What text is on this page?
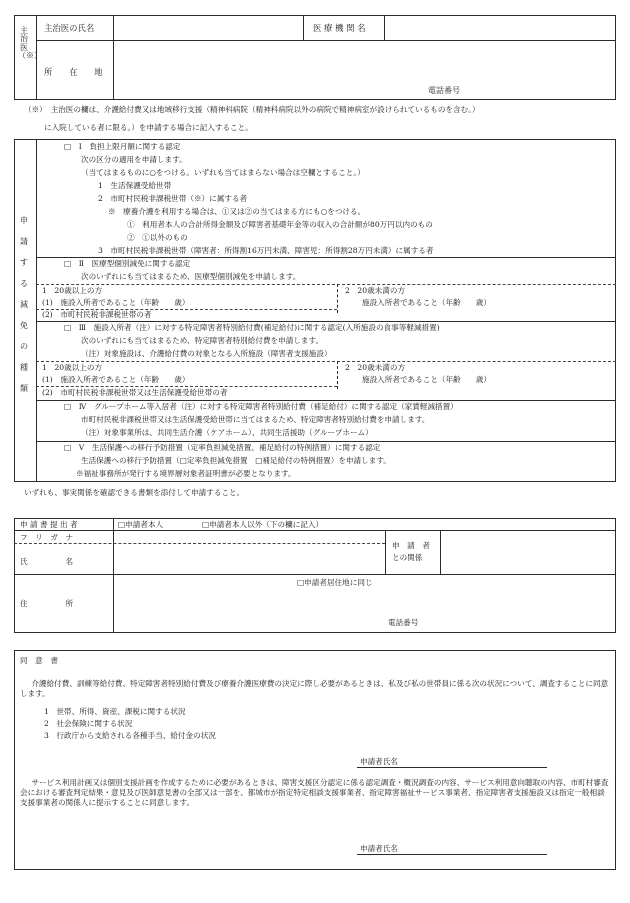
主治医（※）
主治医の氏名	医 療 機 関 名
所　　在　　地
電話番号
（※）　主治医の欄は、介護給付費又は地域移行支援（精神科病院（精神科病院以外の病院で精神病室が設けられているものを含む。）
に入院している者に限る。）を申請する場合に記入すること。
申請する減免の種類
□　Ⅰ　負担上限月額に関する認定
次の区分の適用を申請します。
（当てはまるものに○をつける。いずれも当てはまらない場合は空欄とすること。）
1　生活保護受給世帯
2　市町村民税非課税世帯（※）に属する者
※　療養介護を利用する場合は、①又は②の当てはまる方にも○をつける。
①　利用者本人の合計所得金額及び障害者基礎年金等の収入の合計額が80万円以内のもの
②　①以外のもの
3　市町村民税非課税世帯（障害者：所得割16万円未満、障害児：所得割28万円未満）に属する者
□　Ⅱ　医療型個別減免に関する認定
次のいずれにも当てはまるため、医療型個別減免を申請します。
1　20歳以上の方
(1)　施設入所者であること（年齢　　歳）
2　20歳未満の方
施設入所者であること（年齢　　歳）
(2)　市町村民税非課税世帯の者
□　Ⅲ　施設入所者（注）に対する特定障害者特別給付費(補足給付)に関する認定(入所施設の食事等軽減措置)
次のいずれにも当てはまるため、特定障害者特別給付費を申請します。
（注）対象施設は、介護給付費の対象となる入所施設（障害者支援施設）
1　20歳以上の方
(1)　施設入所者であること（年齢　　歳）
2　20歳未満の方
施設入所者であること（年齢　　歳）
(2)　市町村民税非課税世帯又は生活保護受給世帯の者
□　Ⅳ　グループホーム等入居者（注）に対する特定障害者特別給付費（補足給付）に関する認定（家賃軽減措置）
市町村民税非課税世帯又は生活保護受給世帯に当てはまるため、特定障害者特別給付費を申請します。
（注）対象事業所は、共同生活介護（ケアホーム）、共同生活援助（グループホーム）
□　Ⅴ　生活保護への移行予防措置（定率負担減免措置、補足給付の特例措置）に関する認定
生活保護への移行予防措置（□定率負担減免措置　□補足給付の特例措置）を申請します。
※福祉事務所が発行する境界層対象者証明書が必要となります。
いずれも、事実関係を確認できる書類を添付して申請すること。
申 請 書 提 出 者	□申請者本人	□申請者本人以外（下の欄に記入）
フ　リ　ガ　ナ
氏　　　　　名
申　請　者
との関係
住　　　　　所
□申請者居住地に同じ
電話番号
同　意　書
介護給付費、訓練等給付費、特定障害者特別給付費及び療養介護医療費の決定に際し必要があるときは、私及び私の世帯員に係る次の状況について、調査することに同意します。
1　世帯、所得、資産、課税に関する状況
2　社会保険に関する状況
3　行政庁から支給される各種手当、給付金の状況
申請者氏名
サービス利用計画又は個別支援計画を作成するために必要があるときは、障害支援区分認定に係る認定調査・概況調査の内容、サービス利用意向聴取の内容、市町村審査会における審査判定結果・意見及び医師意見書の全部又は一部を、都城市が指定特定相談支援事業者、指定障害福祉サービス事業者、指定障害者支援施設又は指定一般相談支援事業者の関係人に提示することに同意します。
申請者氏名
